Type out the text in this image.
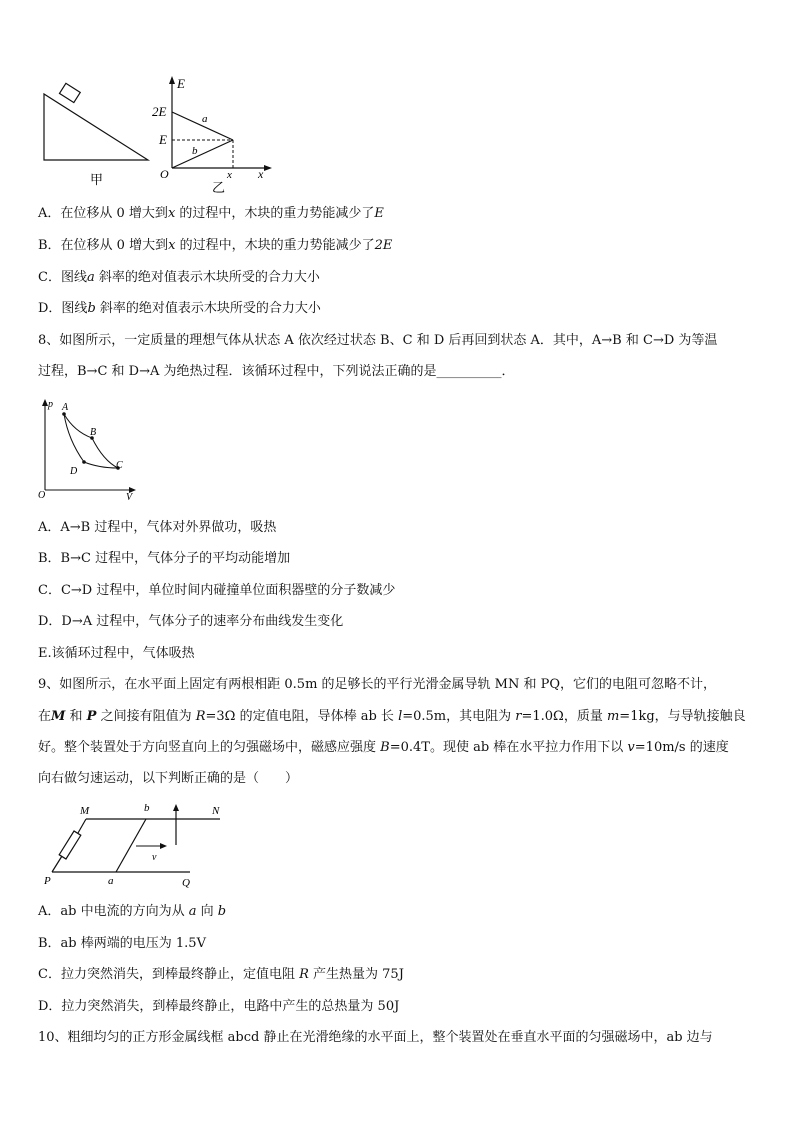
甲
E
2E
E
O
a
b
x x
乙
A．在位移从 0 增大到x 的过程中，木块的重力势能减少了E
B．在位移从 0 增大到x 的过程中，木块的重力势能减少了2E
C．图线a 斜率的绝对值表示木块所受的合力大小
D．图线b 斜率的绝对值表示木块所受的合力大小
8、如图所示，一定质量的理想气体从状态 A 依次经过状态 B、C 和 D 后再回到状态 A．其中，A→B 和 C→D 为等温
过程，B→C 和 D→A 为绝热过程．该循环过程中，下列说法正确的是__________．
p A
B
C
D
O	V
A．A→B 过程中，气体对外界做功，吸热
B．B→C 过程中，气体分子的平均动能增加
C．C→D 过程中，单位时间内碰撞单位面积器壁的分子数减少
D．D→A 过程中，气体分子的速率分布曲线发生变化
E.该循环过程中，气体吸热
9、如图所示，在水平面上固定有两根相距 0.5m 的足够长的平行光滑金属导轨 MN 和 PQ，它们的电阻可忽略不计，
在M 和 P 之间接有阻值为 R=3Ω 的定值电阻，导体棒 ab 长 l=0.5m，其电阻为 r=1.0Ω，质量 m=1kg，与导轨接触良
好。整个装置处于方向竖直向上的匀强磁场中，磁感应强度 B=0.4T。现使 ab 棒在水平拉力作用下以 v=10m/s 的速度
向右做匀速运动，以下判断正确的是（　　）
M	b	N
v
P	a	Q
A．ab 中电流的方向为从 a 向 b
B．ab 棒两端的电压为 1.5V
C．拉力突然消失，到棒最终静止，定值电阻 R 产生热量为 75J
D．拉力突然消失，到棒最终静止，电路中产生的总热量为 50J
10、粗细均匀的正方形金属线框 abcd 静止在光滑绝缘的水平面上，整个装置处在垂直水平面的匀强磁场中，ab 边与
